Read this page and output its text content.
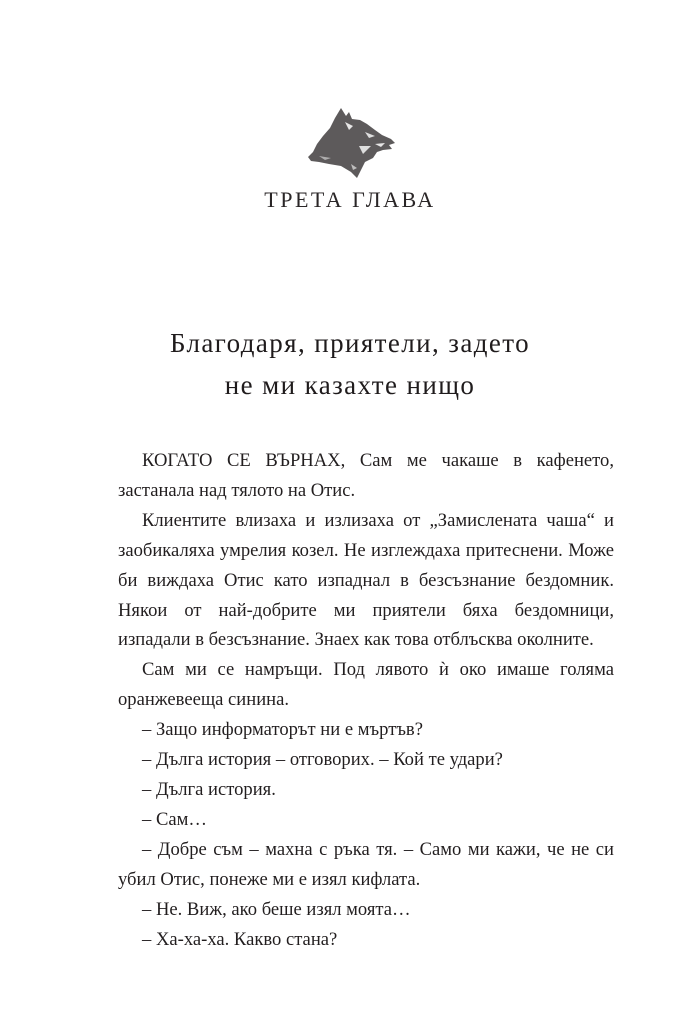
ТРЕТА ГЛАВА
Благодаря, приятели, задето
не ми казахте нищо

КОГАТО СЕ ВЪРНАХ, Сам ме чакаше в кафенето, застанала над тялото на Отис.

Клиентите влизаха и излизаха от „Замислената чаша“ и заобикаляха умрелия козел. Не изглеждаха притеснени. Може би виждаха Отис като изпаднал в безсъзнание бездомник. Някои от най-добрите ми приятели бяха бездомници, изпадали в безсъзнание. Знаех как това отблъсква околните.

Сам ми се намръщи. Под лявото ѝ око имаше голяма оранжевееща синина.

– Защо информаторът ни е мъртъв?

– Дълга история – отговорих. – Кой те удари?

– Дълга история.

– Сам…

– Добре съм – махна с ръка тя. – Само ми кажи, че не си убил Отис, понеже ми е изял кифлата.

– Не. Виж, ако беше изял моята…

– Ха-ха-ха. Какво стана?
